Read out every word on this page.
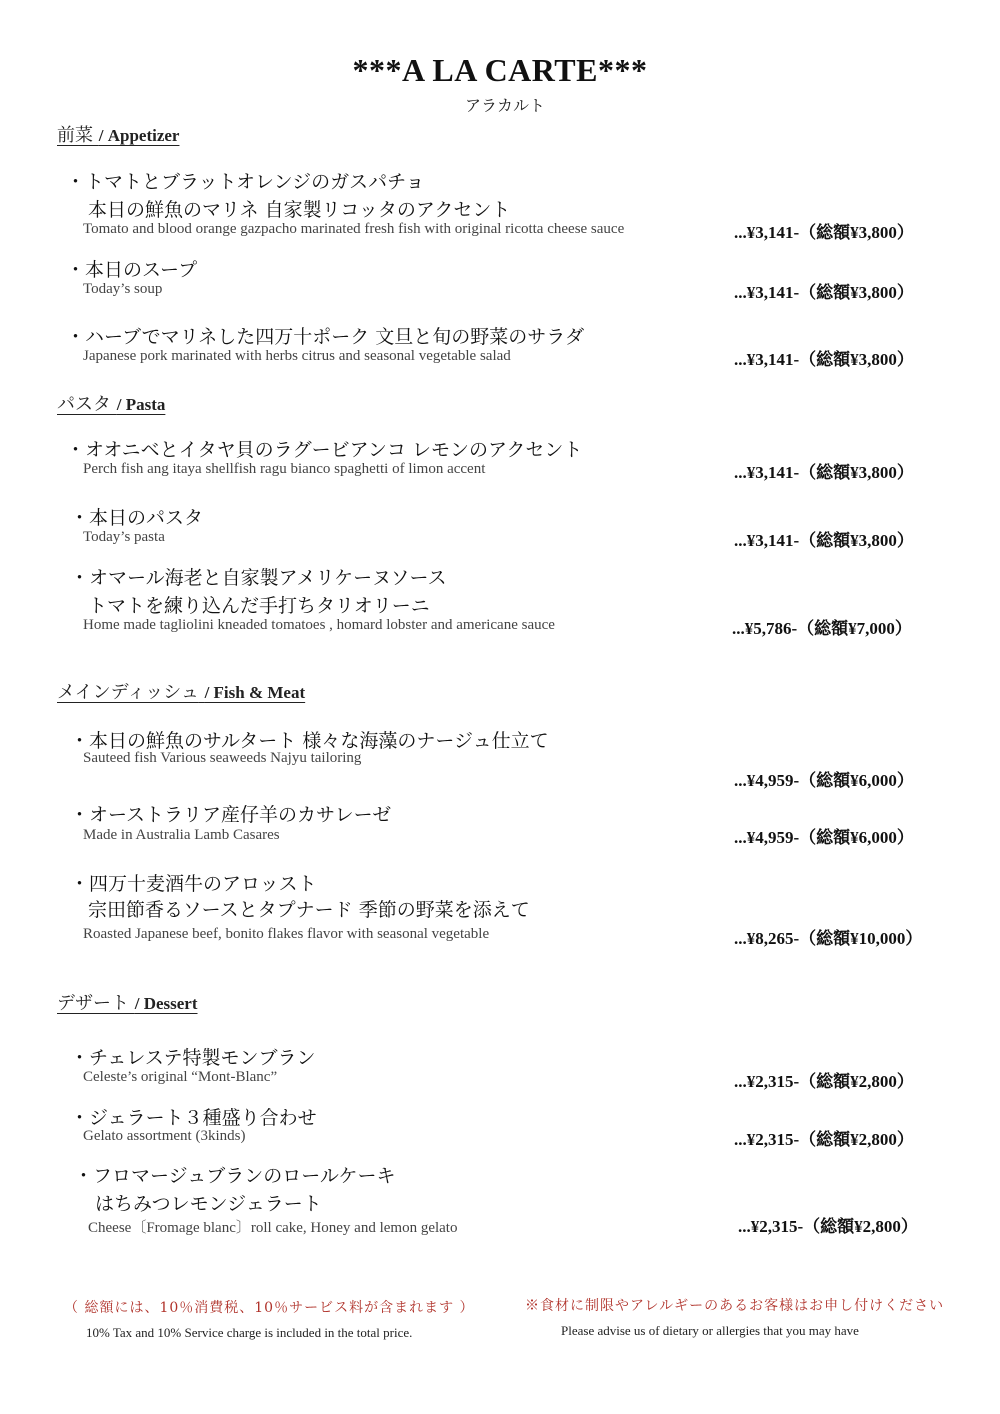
***A LA CARTE***
アラカルト
前菜 / Appetizer
・トマトとブラットオレンジのガスパチョ
本日の鮮魚のマリネ 自家製リコッタのアクセント
Tomato and blood orange gazpacho marinated fresh fish with original ricotta cheese sauce	...¥3,141-（総額¥3,800）
・本日のスープ
Today’s soup	...¥3,141-（総額¥3,800）
・ハーブでマリネした四万十ポーク 文旦と旬の野菜のサラダ
Japanese pork marinated with herbs citrus and seasonal vegetable salad	...¥3,141-（総額¥3,800）
パスタ / Pasta
・オオニベとイタヤ貝のラグービアンコ レモンのアクセント
Perch fish ang itaya shellfish ragu bianco spaghetti of limon accent	...¥3,141-（総額¥3,800）
・本日のパスタ
Today’s pasta	...¥3,141-（総額¥3,800）
・オマール海老と自家製アメリケーヌソース
トマトを練り込んだ手打ちタリオリーニ
Home made tagliolini kneaded tomatoes , homard lobster and americane sauce	...¥5,786-（総額¥7,000）
メインディッシュ / Fish & Meat
・本日の鮮魚のサルタート 様々な海藻のナージュ仕立て
Sauteed fish Various seaweeds Najyu tailoring
...¥4,959-（総額¥6,000）
・オーストラリア産仔羊のカサレーゼ
Made in Australia Lamb Casares	...¥4,959-（総額¥6,000）
・四万十麦酒牛のアロッスト
宗田節香るソースとタプナード 季節の野菜を添えて
Roasted Japanese beef, bonito flakes flavor with seasonal vegetable	...¥8,265-（総額¥10,000）
デザート / Dessert
・チェレステ特製モンブラン
Celeste’s original “Mont-Blanc”	...¥2,315-（総額¥2,800）
・ジェラート３種盛り合わせ
Gelato assortment (3kinds)	...¥2,315-（総額¥2,800）
・フロマージュブランのロールケーキ
はちみつレモンジェラート
Cheese〔Fromage blanc〕roll cake, Honey and lemon gelato	...¥2,315-（総額¥2,800）
（ 総額には、10％消費税、10％サービス料が含まれます ）
10% Tax and 10% Service charge is included in the total price.
※食材に制限やアレルギーのあるお客様はお申し付けください
Please advise us of dietary or allergies that you may have
